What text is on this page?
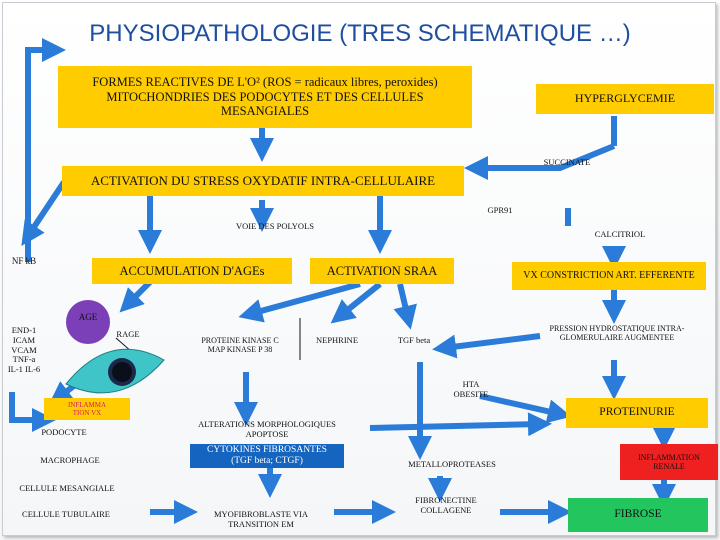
PHYSIOPATHOLOGIE (TRES SCHEMATIQUE …)
FORMES REACTIVES DE L'O² (ROS = radicaux libres, peroxides) MITOCHONDRIES DES PODOCYTES ET DES CELLULES MESANGIALES
HYPERGLYCEMIE
ACTIVATION DU STRESS OXYDATIF INTRA-CELLULAIRE
ACCUMULATION D'AGEs	ACTIVATION SRAA	VX CONSTRICTION ART. EFFERENTE
INFLAMMA
TION VX	PROTEINURIE
CYTOKINES FIBROSANTES
(TGF beta; CTGF)	INFLAMMATION
RENALE
FIBROSE
SUCCINATE
GPR91
VOIE DES POLYOLS
CALCITRIOL
NF kB
AGE
RAGE
END-1
ICAM
VCAM
TNF-a
IL-1 IL-6
PROTEINE KINASE C
MAP KINASE P 38
NEPHRINE	TGF beta
PRESSION HYDROSTATIQUE INTRA-
GLOMERULAIRE AUGMENTEE
HTA
OBESITE
PODOCYTE
MACROPHAGE
CELLULE MESANGIALE
CELLULE TUBULAIRE
ALTERATIONS MORPHOLOGIQUES
APOPTOSE
MYOFIBROBLASTE VIA
TRANSITION EM
METALLOPROTEASES
FIBRONECTINE
COLLAGENE
